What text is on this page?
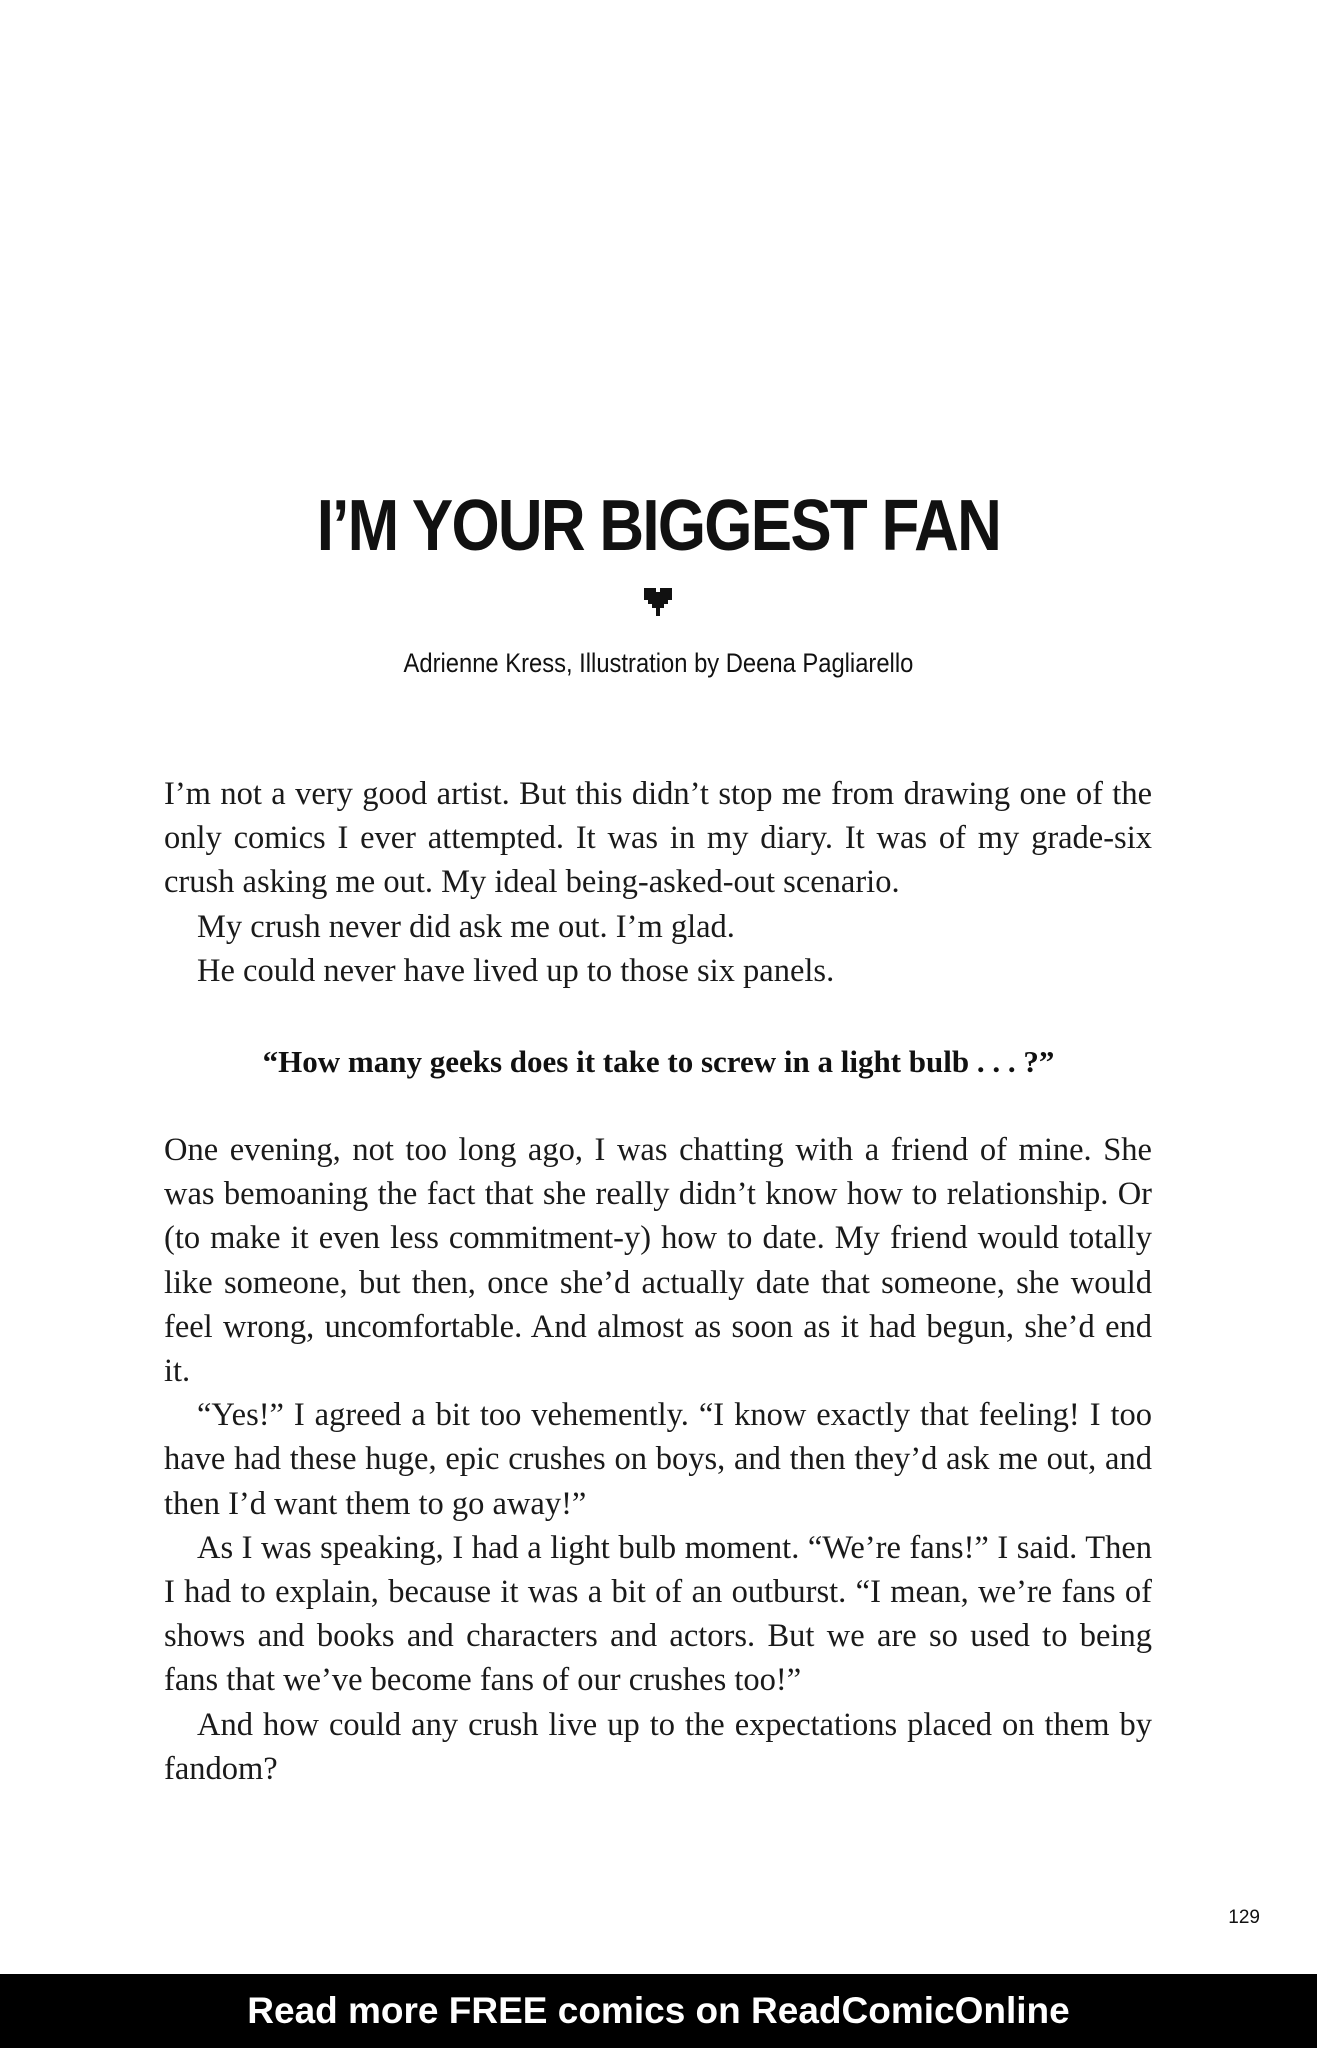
I’M YOUR BIGGEST FAN
Adrienne Kress, Illustration by Deena Pagliarello

I’m not a very good artist. But this didn’t stop me from drawing one of the only comics I ever attempted. It was in my diary. It was of my grade-six crush asking me out. My ideal being-asked-out scenario.

My crush never did ask me out. I’m glad.

He could never have lived up to those six panels.

“How many geeks does it take to screw in a light bulb . . . ?”

One evening, not too long ago, I was chatting with a friend of mine. She was bemoaning the fact that she really didn’t know how to relationship. Or (to make it even less commitment-y) how to date. My friend would totally like someone, but then, once she’d actually date that someone, she would feel wrong, uncomfortable. And almost as soon as it had begun, she’d end it.

“Yes!” I agreed a bit too vehemently. “I know exactly that feeling! I too have had these huge, epic crushes on boys, and then they’d ask me out, and then I’d want them to go away!”

As I was speaking, I had a light bulb moment. “We’re fans!” I said. Then I had to explain, because it was a bit of an outburst. “I mean, we’re fans of shows and books and characters and actors. But we are so used to being fans that we’ve become fans of our crushes too!”

And how could any crush live up to the expectations placed on them by fandom?

129
Read more FREE comics on ReadComicOnline
